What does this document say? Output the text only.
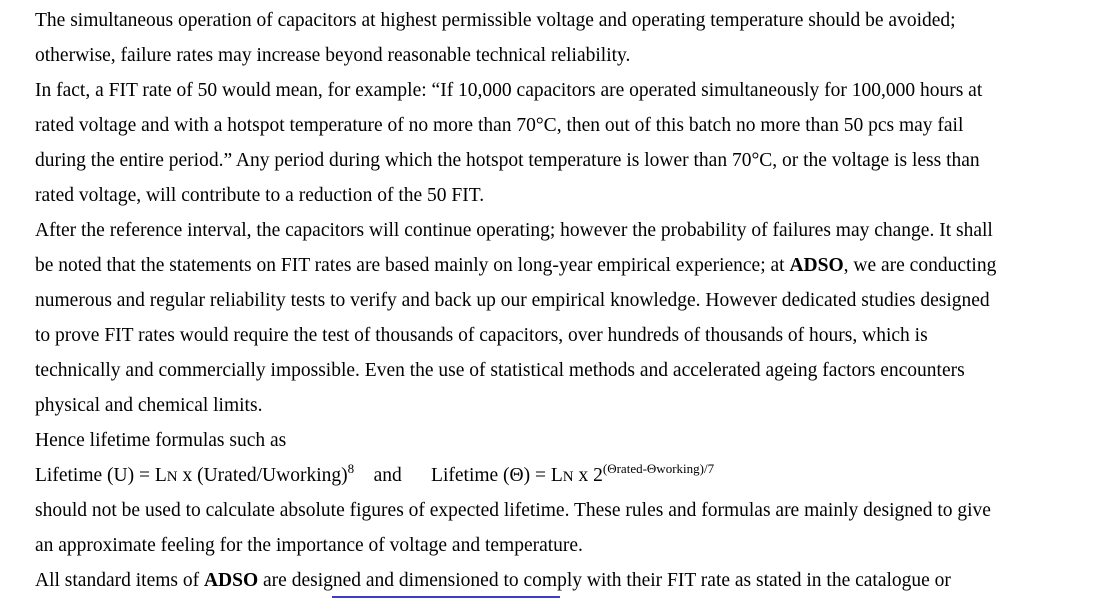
The simultaneous operation of capacitors at highest permissible voltage and operating temperature should be avoided;
otherwise, failure rates may increase beyond reasonable technical reliability.
In fact, a FIT rate of 50 would mean, for example: “If 10,000 capacitors are operated simultaneously for 100,000 hours at
rated voltage and with a hotspot temperature of no more than 70°C, then out of this batch no more than 50 pcs may fail
during the entire period.” Any period during which the hotspot temperature is lower than 70°C, or the voltage is less than
rated voltage, will contribute to a reduction of the 50 FIT.
After the reference interval, the capacitors will continue operating; however the probability of failures may change. It shall
be noted that the statements on FIT rates are based mainly on long-year empirical experience; at ADSO, we are conducting
numerous and regular reliability tests to verify and back up our empirical knowledge. However dedicated studies designed
to prove FIT rates would require the test of thousands of capacitors, over hundreds of thousands of hours, which is
technically and commercially impossible. Even the use of statistical methods and accelerated ageing factors encounters
physical and chemical limits.
Hence lifetime formulas such as
Lifetime (U) = LN x (Urated/Uworking)$^8$    and      Lifetime (Θ) = LN x $2^{(\Theta rated-\Theta working)/7}$
should not be used to calculate absolute figures of expected lifetime. These rules and formulas are mainly designed to give
an approximate feeling for the importance of voltage and temperature.
All standard items of ADSO are designed and dimensioned to comply with their FIT rate as stated in the catalogue or
